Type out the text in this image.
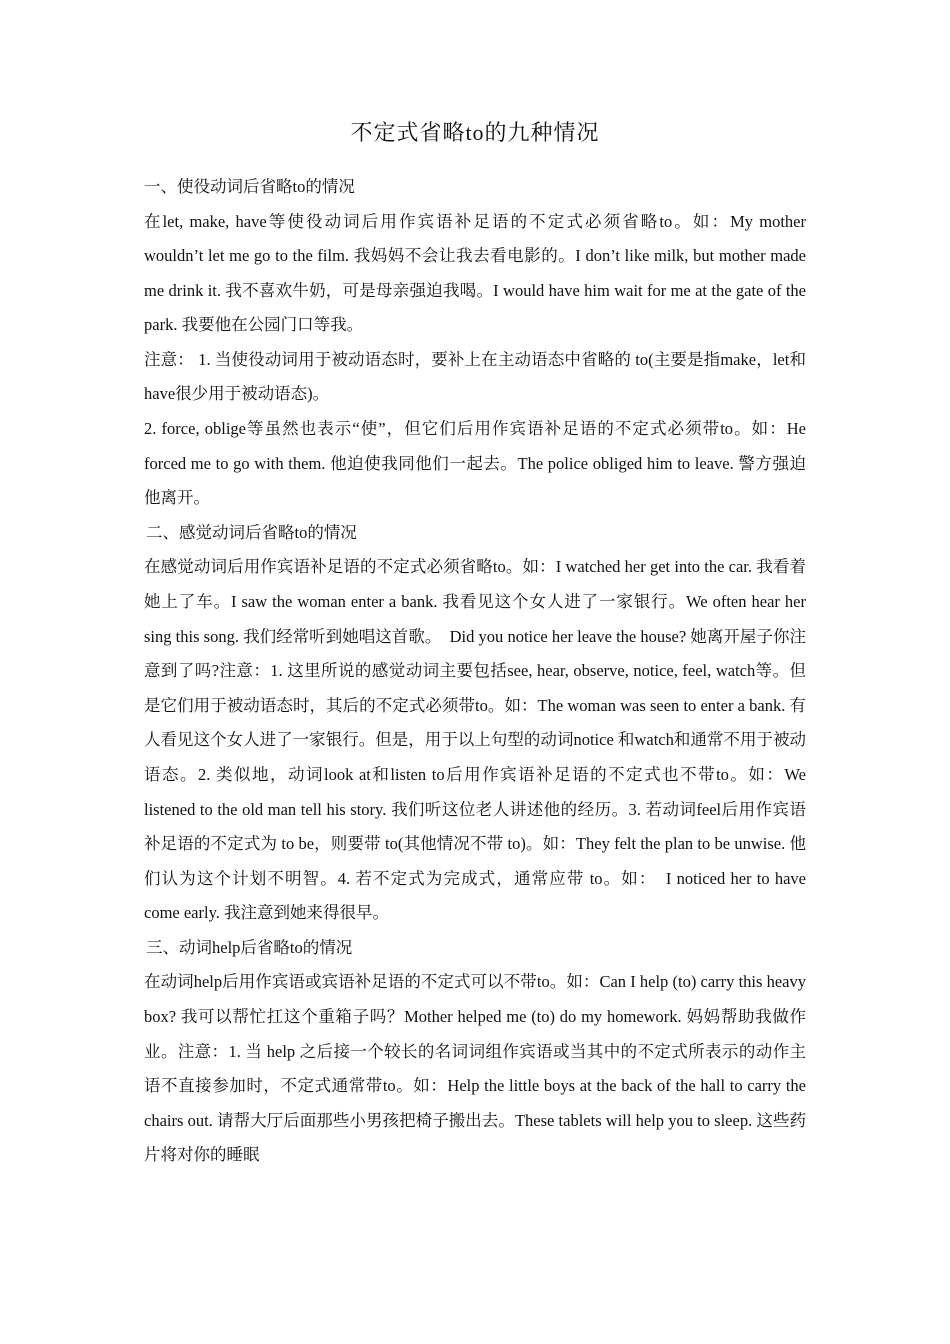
不定式省略to的九种情况

一、使役动词后省略to的情况

在let, make, have等使役动词后用作宾语补足语的不定式必须省略to。如：My mother wouldn’t let me go to the film. 我妈妈不会让我去看电影的。I don’t like milk, but mother made me drink it. 我不喜欢牛奶，可是母亲强迫我喝。I would have him wait for me at the gate of the park. 我要他在公园门口等我。

注意： 1. 当使役动词用于被动语态时，要补上在主动语态中省略的 to(主要是指make，let和have很少用于被动语态)。

2. force, oblige等虽然也表示“使”，但它们后用作宾语补足语的不定式必须带to。如：He forced me to go with them. 他迫使我同他们一起去。The police obliged him to leave. 警方强迫他离开。

二、感觉动词后省略to的情况

在感觉动词后用作宾语补足语的不定式必须省略to。如：I watched her get into the car. 我看着她上了车。I saw the woman enter a bank. 我看见这个女人进了一家银行。We often hear her sing this song. 我们经常听到她唱这首歌。　Did you notice her leave the house? 她离开屋子你注意到了吗?注意：1. 这里所说的感觉动词主要包括see, hear, observe, notice, feel, watch等。但是它们用于被动语态时，其后的不定式必须带to。如：The woman was seen to enter a bank. 有人看见这个女人进了一家银行。但是，用于以上句型的动词notice 和watch和通常不用于被动语态。2. 类似地，动词look at和listen to后用作宾语补足语的不定式也不带to。如：We listened to the old man tell his story. 我们听这位老人讲述他的经历。3. 若动词feel后用作宾语补足语的不定式为 to be，则要带 to(其他情况不带 to)。如：They felt the plan to be unwise. 他们认为这个计划不明智。4. 若不定式为完成式，通常应带 to。如：　I noticed her to have come early. 我注意到她来得很早。

三、动词help后省略to的情况

在动词help后用作宾语或宾语补足语的不定式可以不带to。如：Can I help (to) carry this heavy box? 我可以帮忙扛这个重箱子吗？Mother helped me (to) do my homework. 妈妈帮助我做作业。注意：1. 当 help 之后接一个较长的名词词组作宾语或当其中的不定式所表示的动作主语不直接参加时，不定式通常带to。如：Help the little boys at the back of the hall to carry the chairs out. 请帮大厅后面那些小男孩把椅子搬出去。These tablets will help you to sleep. 这些药片将对你的睡眠
